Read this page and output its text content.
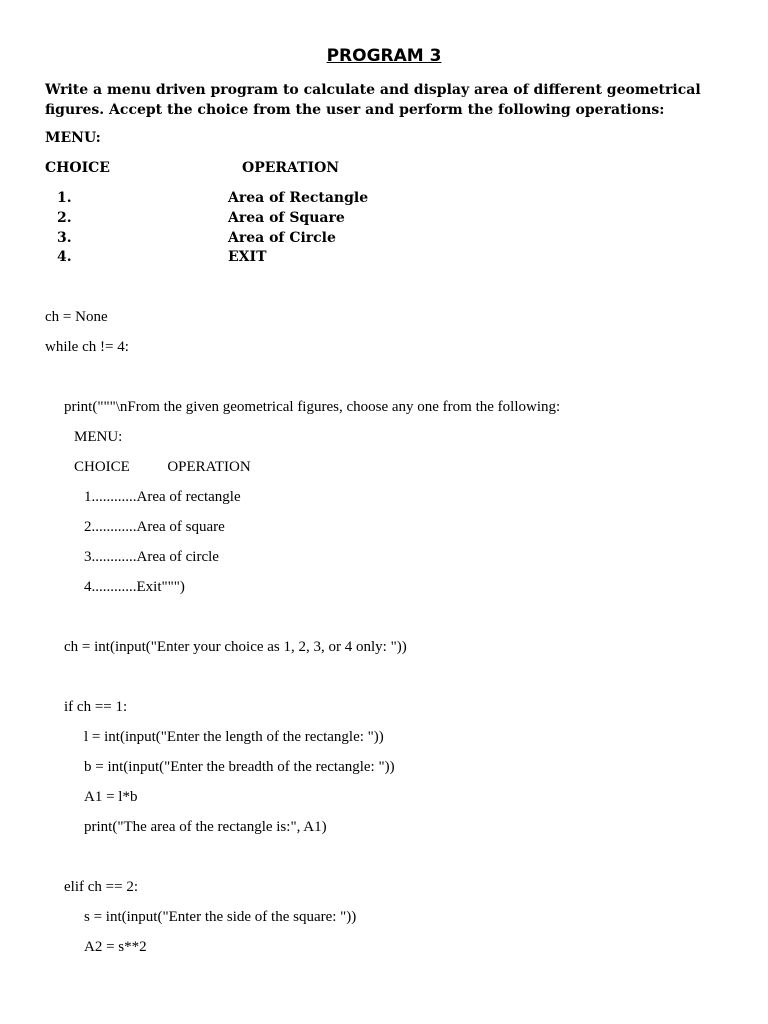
PROGRAM 3
Write a menu driven program to calculate and display area of different geometrical figures. Accept the choice from the user and perform the following operations:
MENU:
CHOICE	OPERATION
1.	Area of Rectangle
2.	Area of Square
3.	Area of Circle
4.	EXIT
ch = None
while ch != 4:
print("""\nFrom the given geometrical figures, choose any one from the following:
MENU:
CHOICE          OPERATION
1............Area of rectangle
2............Area of square
3............Area of circle
4............Exit""")
ch = int(input("Enter your choice as 1, 2, 3, or 4 only: "))
if ch == 1:
l = int(input("Enter the length of the rectangle: "))
b = int(input("Enter the breadth of the rectangle: "))
A1 = l*b
print("The area of the rectangle is:", A1)
elif ch == 2:
s = int(input("Enter the side of the square: "))
A2 = s**2
